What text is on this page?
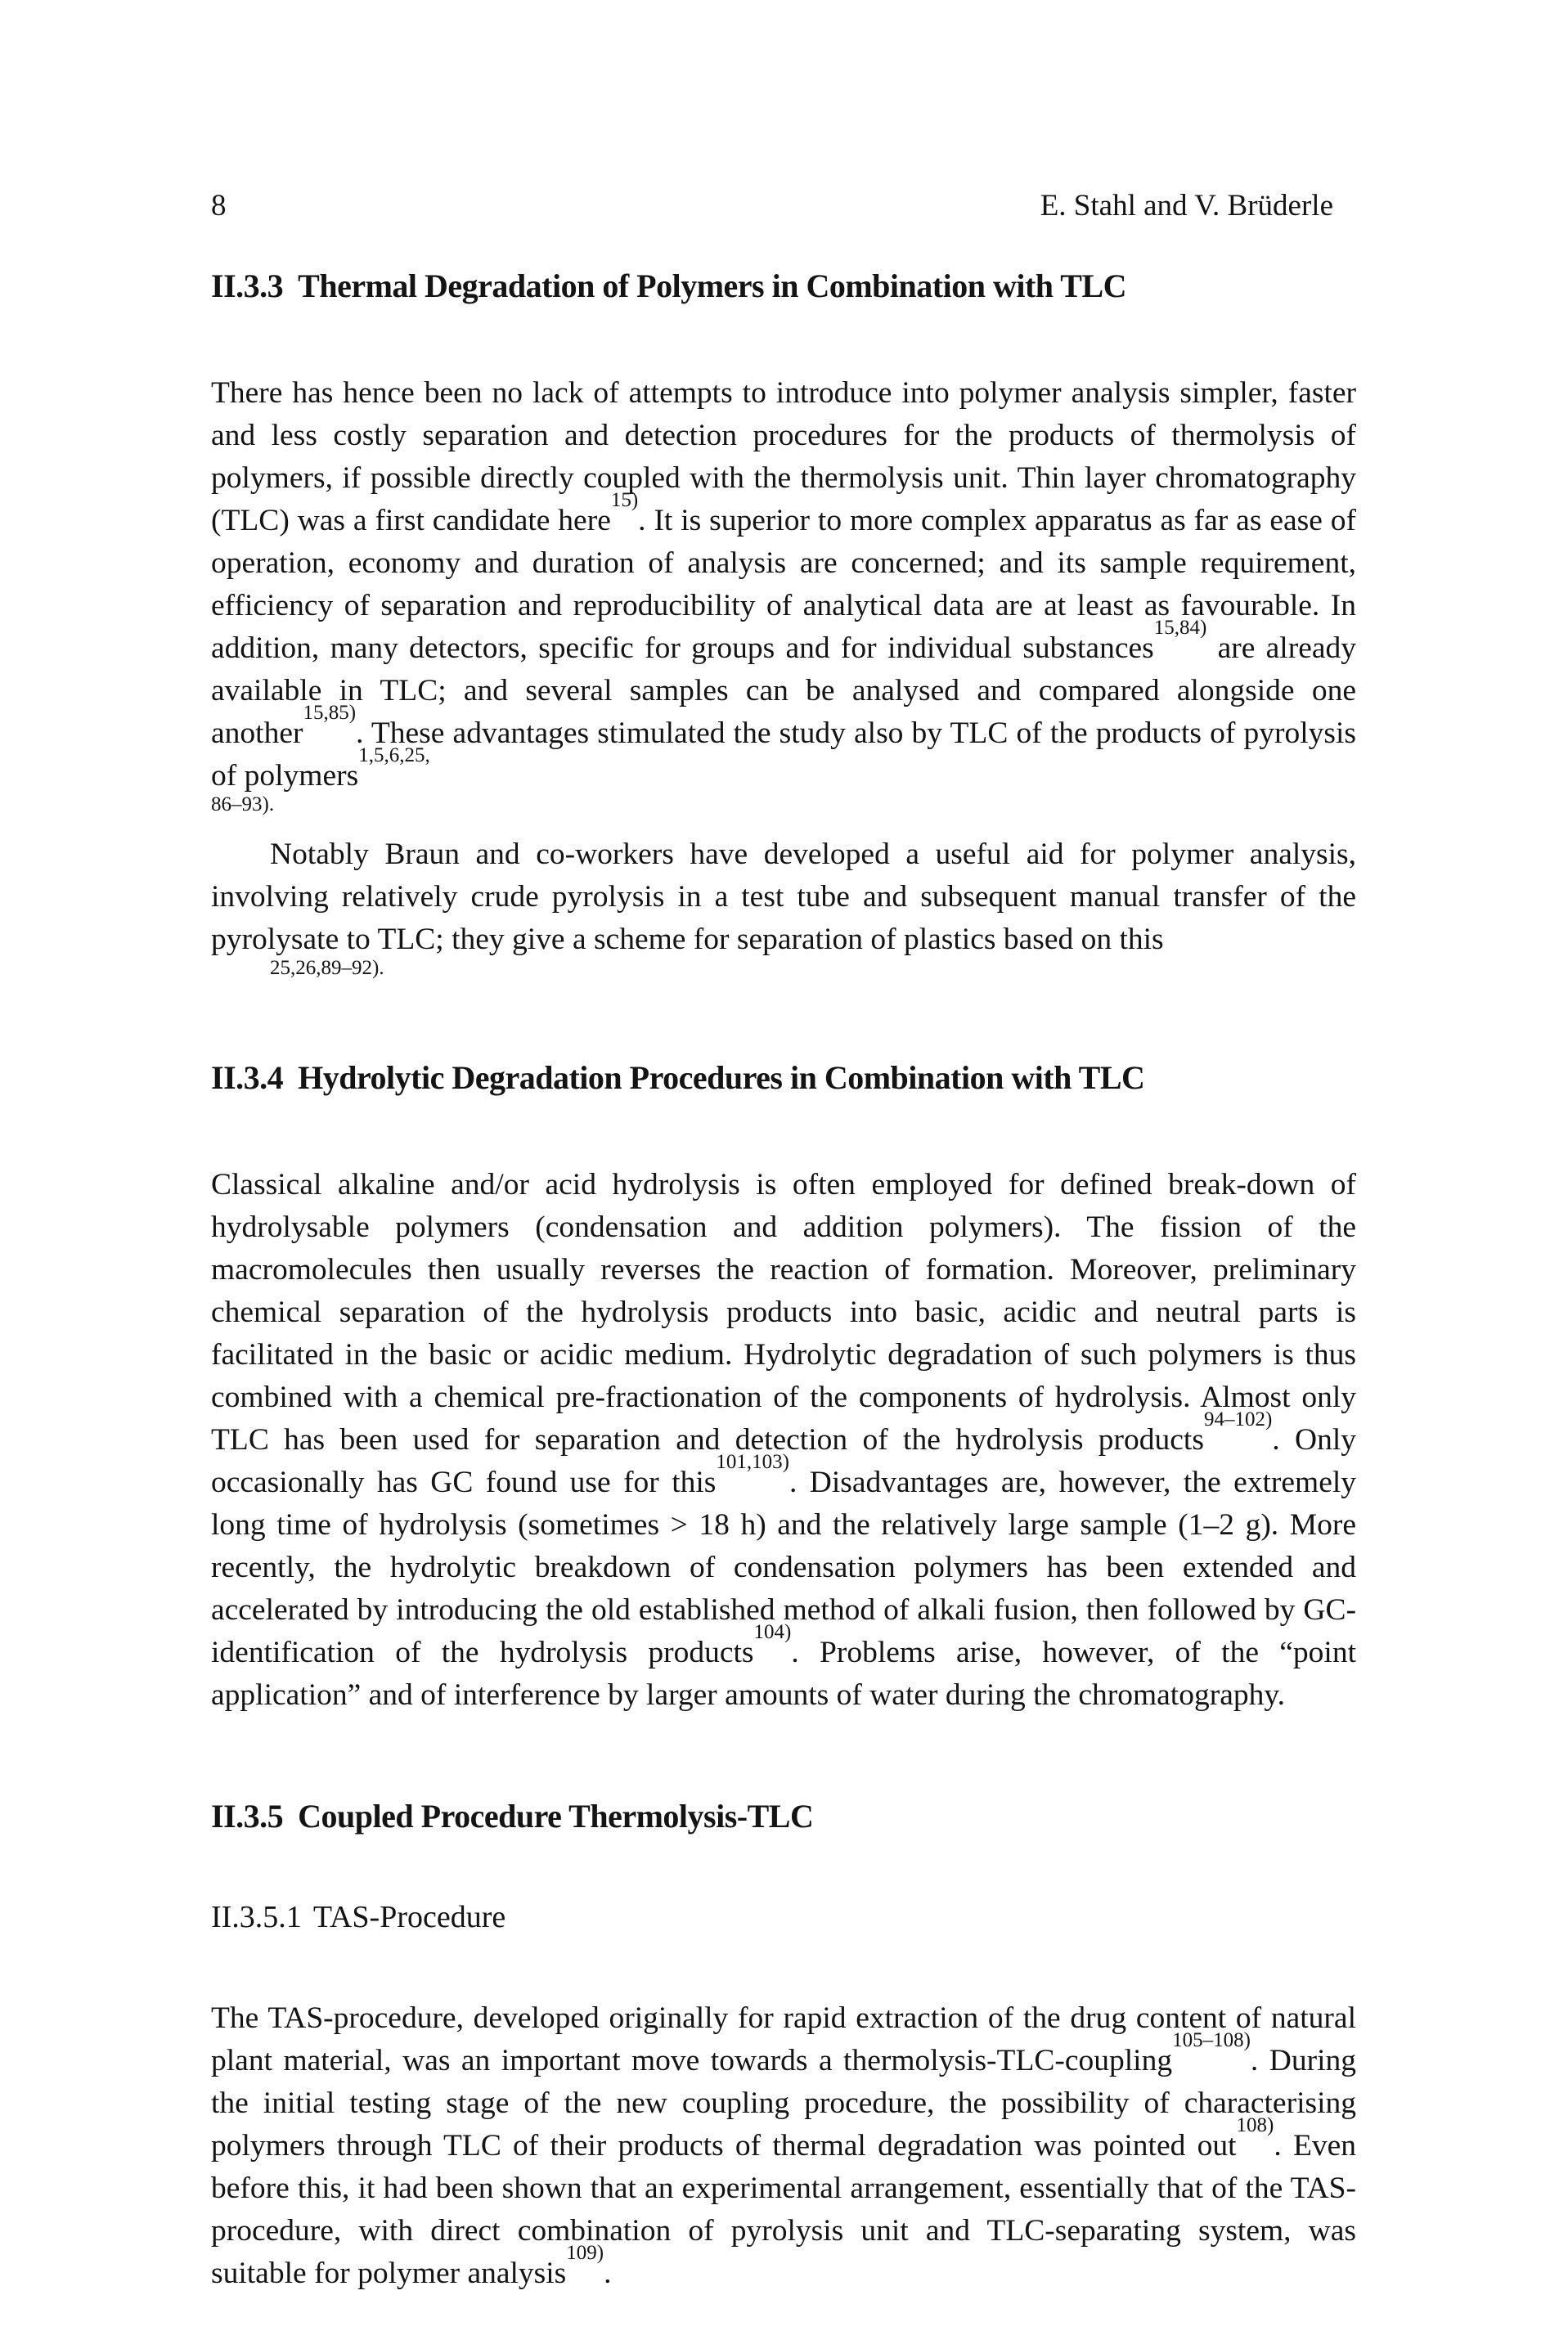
8	E. Stahl and V. Brüderle
II.3.3 Thermal Degradation of Polymers in Combination with TLC

There has hence been no lack of attempts to introduce into polymer analysis simpler, faster and less costly separation and detection procedures for the products of thermolysis of polymers, if possible directly coupled with the thermolysis unit. Thin layer chromatography (TLC) was a first candidate here$^{15)}$. It is superior to more complex apparatus as far as ease of operation, economy and duration of analysis are concerned; and its sample requirement, efficiency of separation and reproducibility of analytical data are at least as favourable. In addition, many detectors, specific for groups and for individual substances$^{15,84)}$ are already available in TLC; and several samples can be analysed and compared alongside one another$^{15,85)}$. These advantages stimulated the study also by TLC of the products of pyrolysis of polymers$^{1,5,6,25,}$
86–93).

Notably Braun and co-workers have developed a useful aid for polymer analysis, involving relatively crude pyrolysis in a test tube and subsequent manual transfer of the pyrolysate to TLC; they give a scheme for separation of plastics based on this
25,26,89–92).

II.3.4 Hydrolytic Degradation Procedures in Combination with TLC

Classical alkaline and/or acid hydrolysis is often employed for defined break-down of hydrolysable polymers (condensation and addition polymers). The fission of the macromolecules then usually reverses the reaction of formation. Moreover, preliminary chemical separation of the hydrolysis products into basic, acidic and neutral parts is facilitated in the basic or acidic medium. Hydrolytic degradation of such polymers is thus combined with a chemical pre-fractionation of the components of hydrolysis. Almost only TLC has been used for separation and detection of the hydrolysis products$^{94-102)}$. Only occasionally has GC found use for this$^{101,103)}$. Disadvantages are, however, the extremely long time of hydrolysis (sometimes > 18 h) and the relatively large sample (1–2 g). More recently, the hydrolytic breakdown of condensation polymers has been extended and accelerated by introducing the old established method of alkali fusion, then followed by GC-identification of the hydrolysis products$^{104)}$. Problems arise, however, of the “point application” and of interference by larger amounts of water during the chromatography.

II.3.5 Coupled Procedure Thermolysis-TLC
II.3.5.1 TAS-Procedure

The TAS-procedure, developed originally for rapid extraction of the drug content of natural plant material, was an important move towards a thermolysis-TLC-coupling$^{105-108)}$. During the initial testing stage of the new coupling procedure, the possibility of characterising polymers through TLC of their products of thermal degradation was pointed out$^{108)}$. Even before this, it had been shown that an experimental arrangement, essentially that of the TAS-procedure, with direct combination of pyrolysis unit and TLC-separating system, was suitable for polymer analysis$^{109)}$.
